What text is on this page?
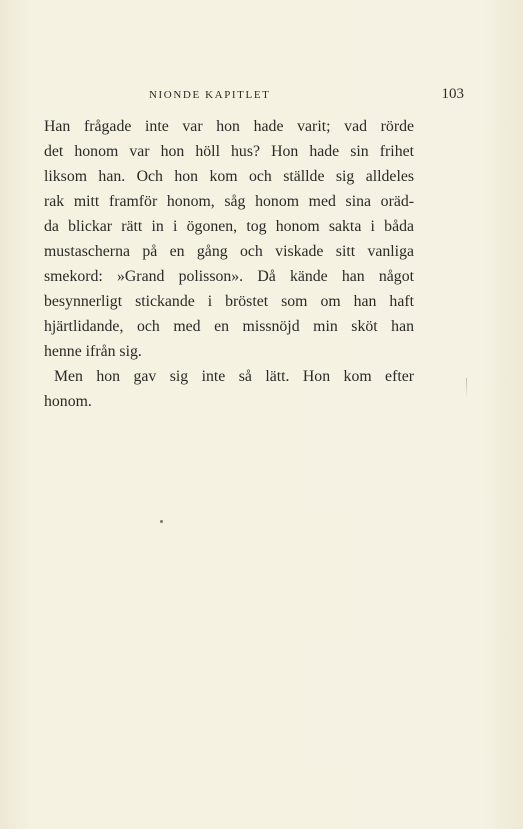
NIONDE KAPITLET	103
Han frågade inte var hon hade varit; vad rörde
det honom var hon höll hus? Hon hade sin frihet
liksom han. Och hon kom och ställde sig alldeles
rak mitt framför honom, såg honom med sina oräd-
da blickar rätt in i ögonen, tog honom sakta i båda
mustascherna på en gång och viskade sitt vanliga
smekord: »Grand polisson». Då kände han något
besynnerligt stickande i bröstet som om han haft
hjärtlidande, och med en missnöjd min sköt han
henne ifrån sig.
Men hon gav sig inte så lätt. Hon kom efter
honom.
